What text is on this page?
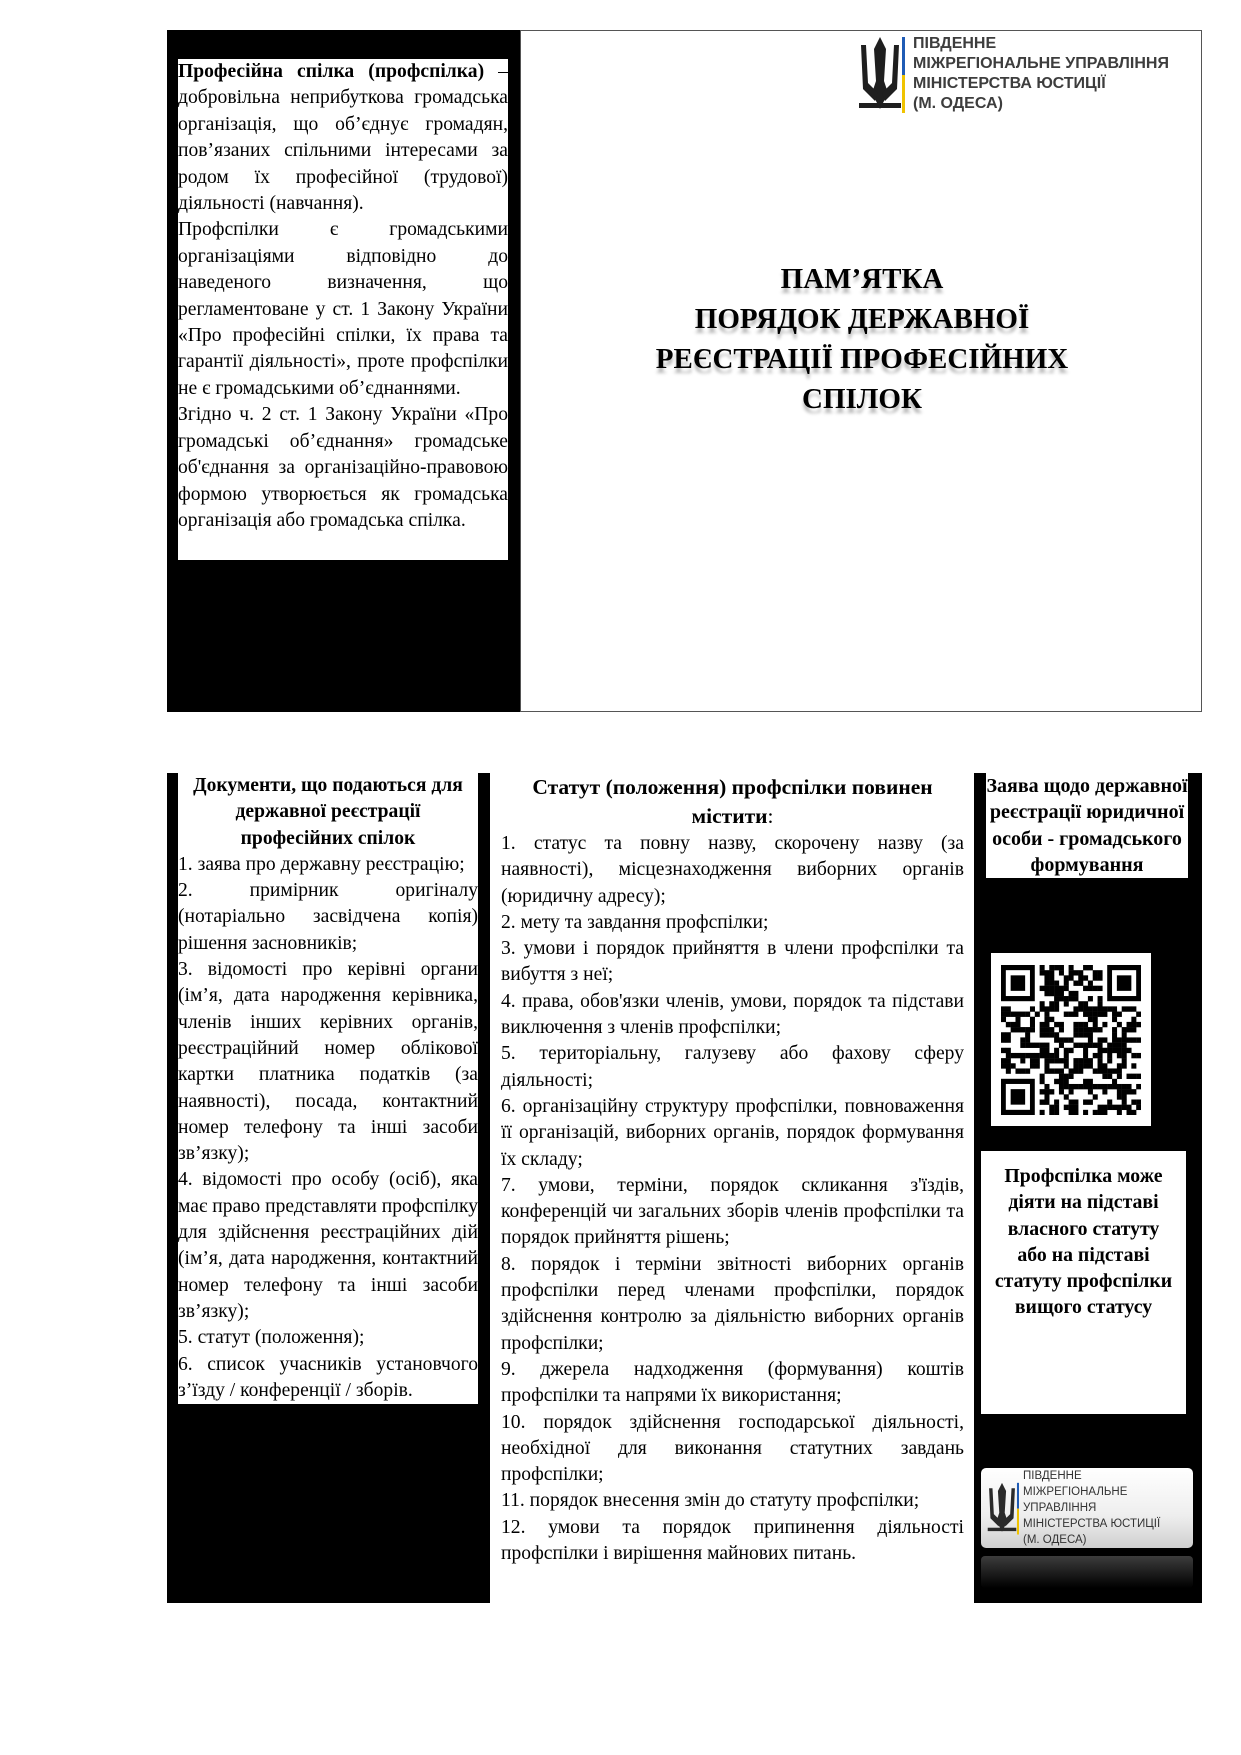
Професійна спілка (профспілка) – добровільна неприбуткова громадська організація, що об’єднує громадян, пов’язаних спільними інтересами за родом їх професійної (трудової) діяльності (навчання).

Профспілки є громадськими організаціями відповідно до наведеного визначення, що регламентоване у ст. 1 Закону України «Про професійні спілки, їх права та гарантії діяльності», проте профспілки не є громадськими об’єднаннями.

Згідно ч. 2 ст. 1 Закону України «Про громадські об’єднання» громадське об'єднання за організаційно-правовою формою утворюється як громадська організація або громадська спілка.

ПІВДЕННЕ
МІЖРЕГІОНАЛЬНЕ УПРАВЛІННЯ
МІНІСТЕРСТВА ЮСТИЦІЇ
(М. ОДЕСА)
ПАМ’ЯТКА
ПОРЯДОК ДЕРЖАВНОЇ
РЕЄСТРАЦІЇ ПРОФЕСІЙНИХ
СПІЛОК
Документи, що подаються для державної реєстрації професійних спілок

1. заява про державну реєстрацію;

2. примірник оригіналу (нотаріально засвідчена копія) рішення засновників;

3. відомості про керівні органи (ім’я, дата народження керівника, членів інших керівних органів, реєстраційний номер облікової картки платника податків (за наявності), посада, контактний номер телефону та інші засоби зв’язку);

4. відомості про особу (осіб), яка має право представляти профспілку для здійснення реєстраційних дій (ім’я, дата народження, контактний номер телефону та інші засоби зв’язку);

5. статут (положення);

6. список учасників установчого з’їзду / конференції / зборів.

Статут (положення) профспілки повинен містити:

1. статус та повну назву, скорочену назву (за наявності), місцезнаходження виборних органів (юридичну адресу);

2. мету та завдання профспілки;

3. умови і порядок прийняття в члени профспілки та вибуття з неї;

4. права, обов'язки членів, умови, порядок та підстави виключення з членів профспілки;

5. територіальну, галузеву або фахову сферу діяльності;

6. організаційну структуру профспілки, повноваження її організацій, виборних органів, порядок формування їх складу;

7. умови, терміни, порядок скликання з'їздів, конференцій чи загальних зборів членів профспілки та порядок прийняття рішень;

8. порядок і терміни звітності виборних органів профспілки перед членами профспілки, порядок здійснення контролю за діяльністю виборних органів профспілки;

9. джерела надходження (формування) коштів профспілки та напрями їх використання;

10. порядок здійснення господарської діяльності, необхідної для виконання статутних завдань профспілки;

11. порядок внесення змін до статуту профспілки;

12. умови та порядок припинення діяльності профспілки і вирішення майнових питань.

Заява щодо державної реєстрації юридичної особи - громадського формування
Профспілка може діяти на підставі власного статуту або на підставі статуту профспілки вищого статусу
ПІВДЕННЕ
МІЖРЕГІОНАЛЬНЕ УПРАВЛІННЯ
МІНІСТЕРСТВА ЮСТИЦІЇ
(М. ОДЕСА)
